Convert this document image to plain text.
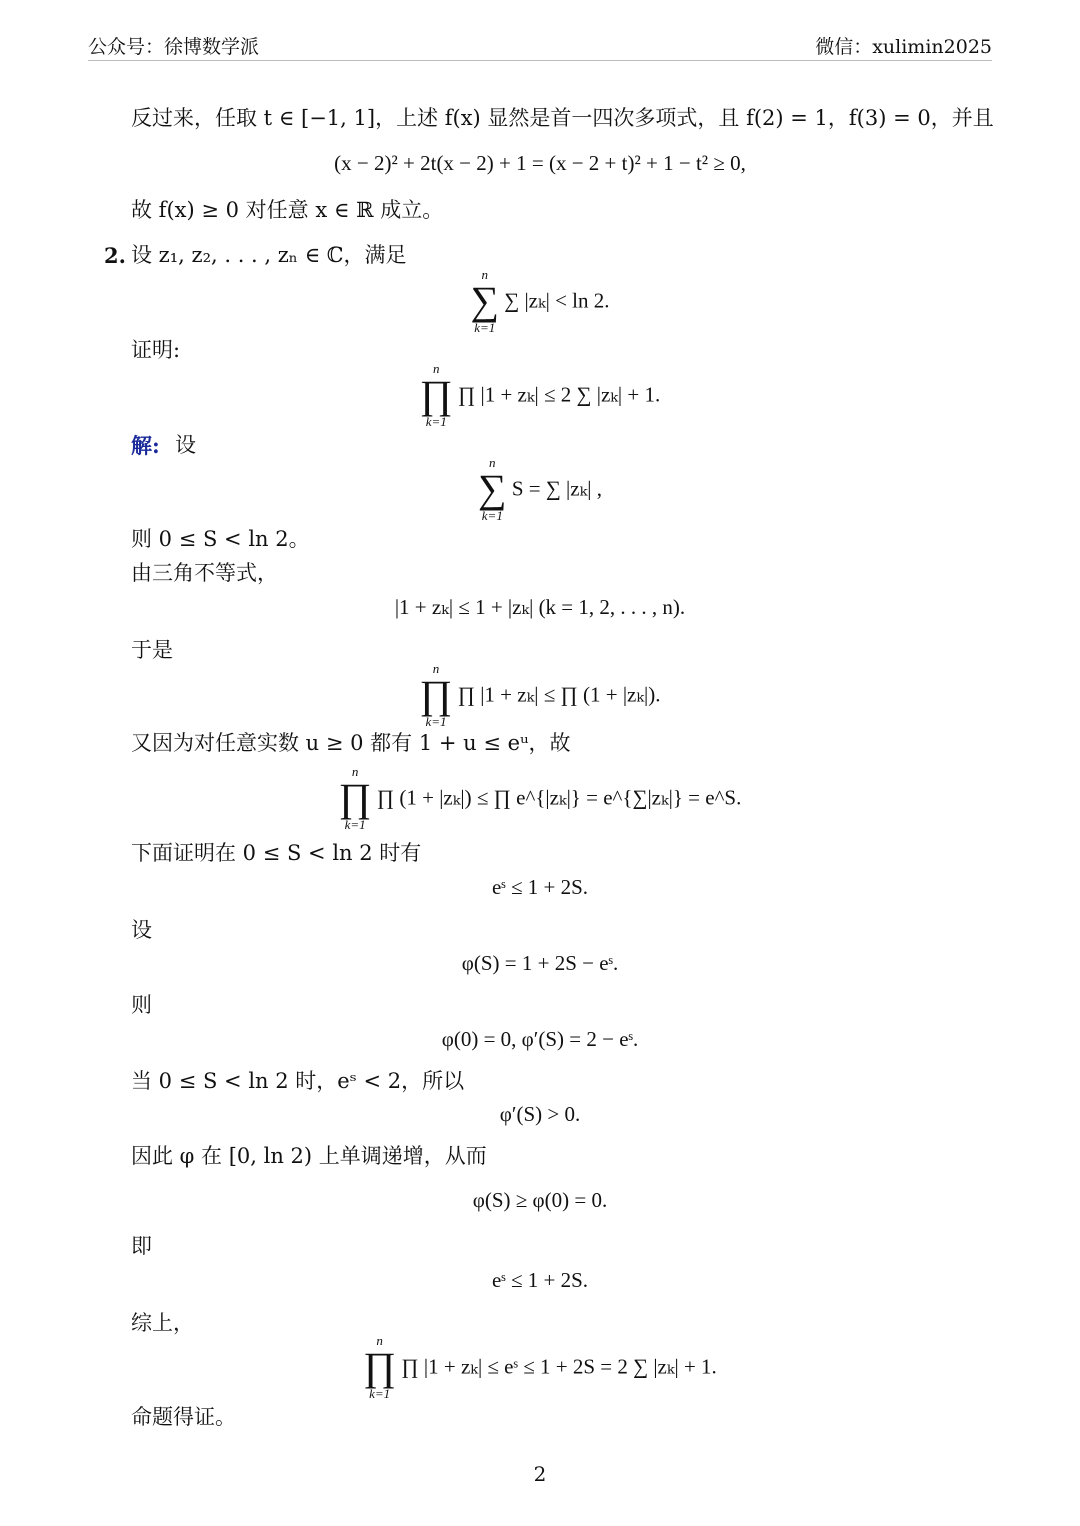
公众号：徐博数学派	微信：xulimin2025
反过来，任取 t ∈ [−1, 1]，上述 f(x) 显然是首一四次多项式，且 f(2) = 1，f(3) = 0，并且
(x − 2)² + 2t(x − 2) + 1 = (x − 2 + t)² + 1 − t² ≥ 0,
故 f(x) ≥ 0 对任意 x ∈ ℝ 成立。
2. 设 z₁, z₂, . . . , zₙ ∈ ℂ，满足
n
∑
k=1
∑ |zₖ| < ln 2.
证明:
n
∏
k=1
∏ |1 + zₖ| ≤ 2 ∑ |zₖ| + 1.
解: 设
n
∑
k=1
S = ∑ |zₖ| ,
则 0 ≤ S < ln 2。
由三角不等式，
|1 + zₖ| ≤ 1 + |zₖ| (k = 1, 2, . . . , n).
于是
n
∏
k=1
∏ |1 + zₖ| ≤ ∏ (1 + |zₖ|).
又因为对任意实数 u ≥ 0 都有 1 + u ≤ eᵘ，故
n
∏
k=1
∏ (1 + |zₖ|) ≤ ∏ e^{|zₖ|} = e^{∑|zₖ|} = e^S.
下面证明在 0 ≤ S < ln 2 时有
eˢ ≤ 1 + 2S.
设
φ(S) = 1 + 2S − eˢ.
则
φ(0) = 0, φ′(S) = 2 − eˢ.
当 0 ≤ S < ln 2 时，eˢ < 2，所以
φ′(S) > 0.
因此 φ 在 [0, ln 2) 上单调递增，从而
φ(S) ≥ φ(0) = 0.
即
eˢ ≤ 1 + 2S.
综上，
n
∏
k=1
∏ |1 + zₖ| ≤ eˢ ≤ 1 + 2S = 2 ∑ |zₖ| + 1.
命题得证。
2
